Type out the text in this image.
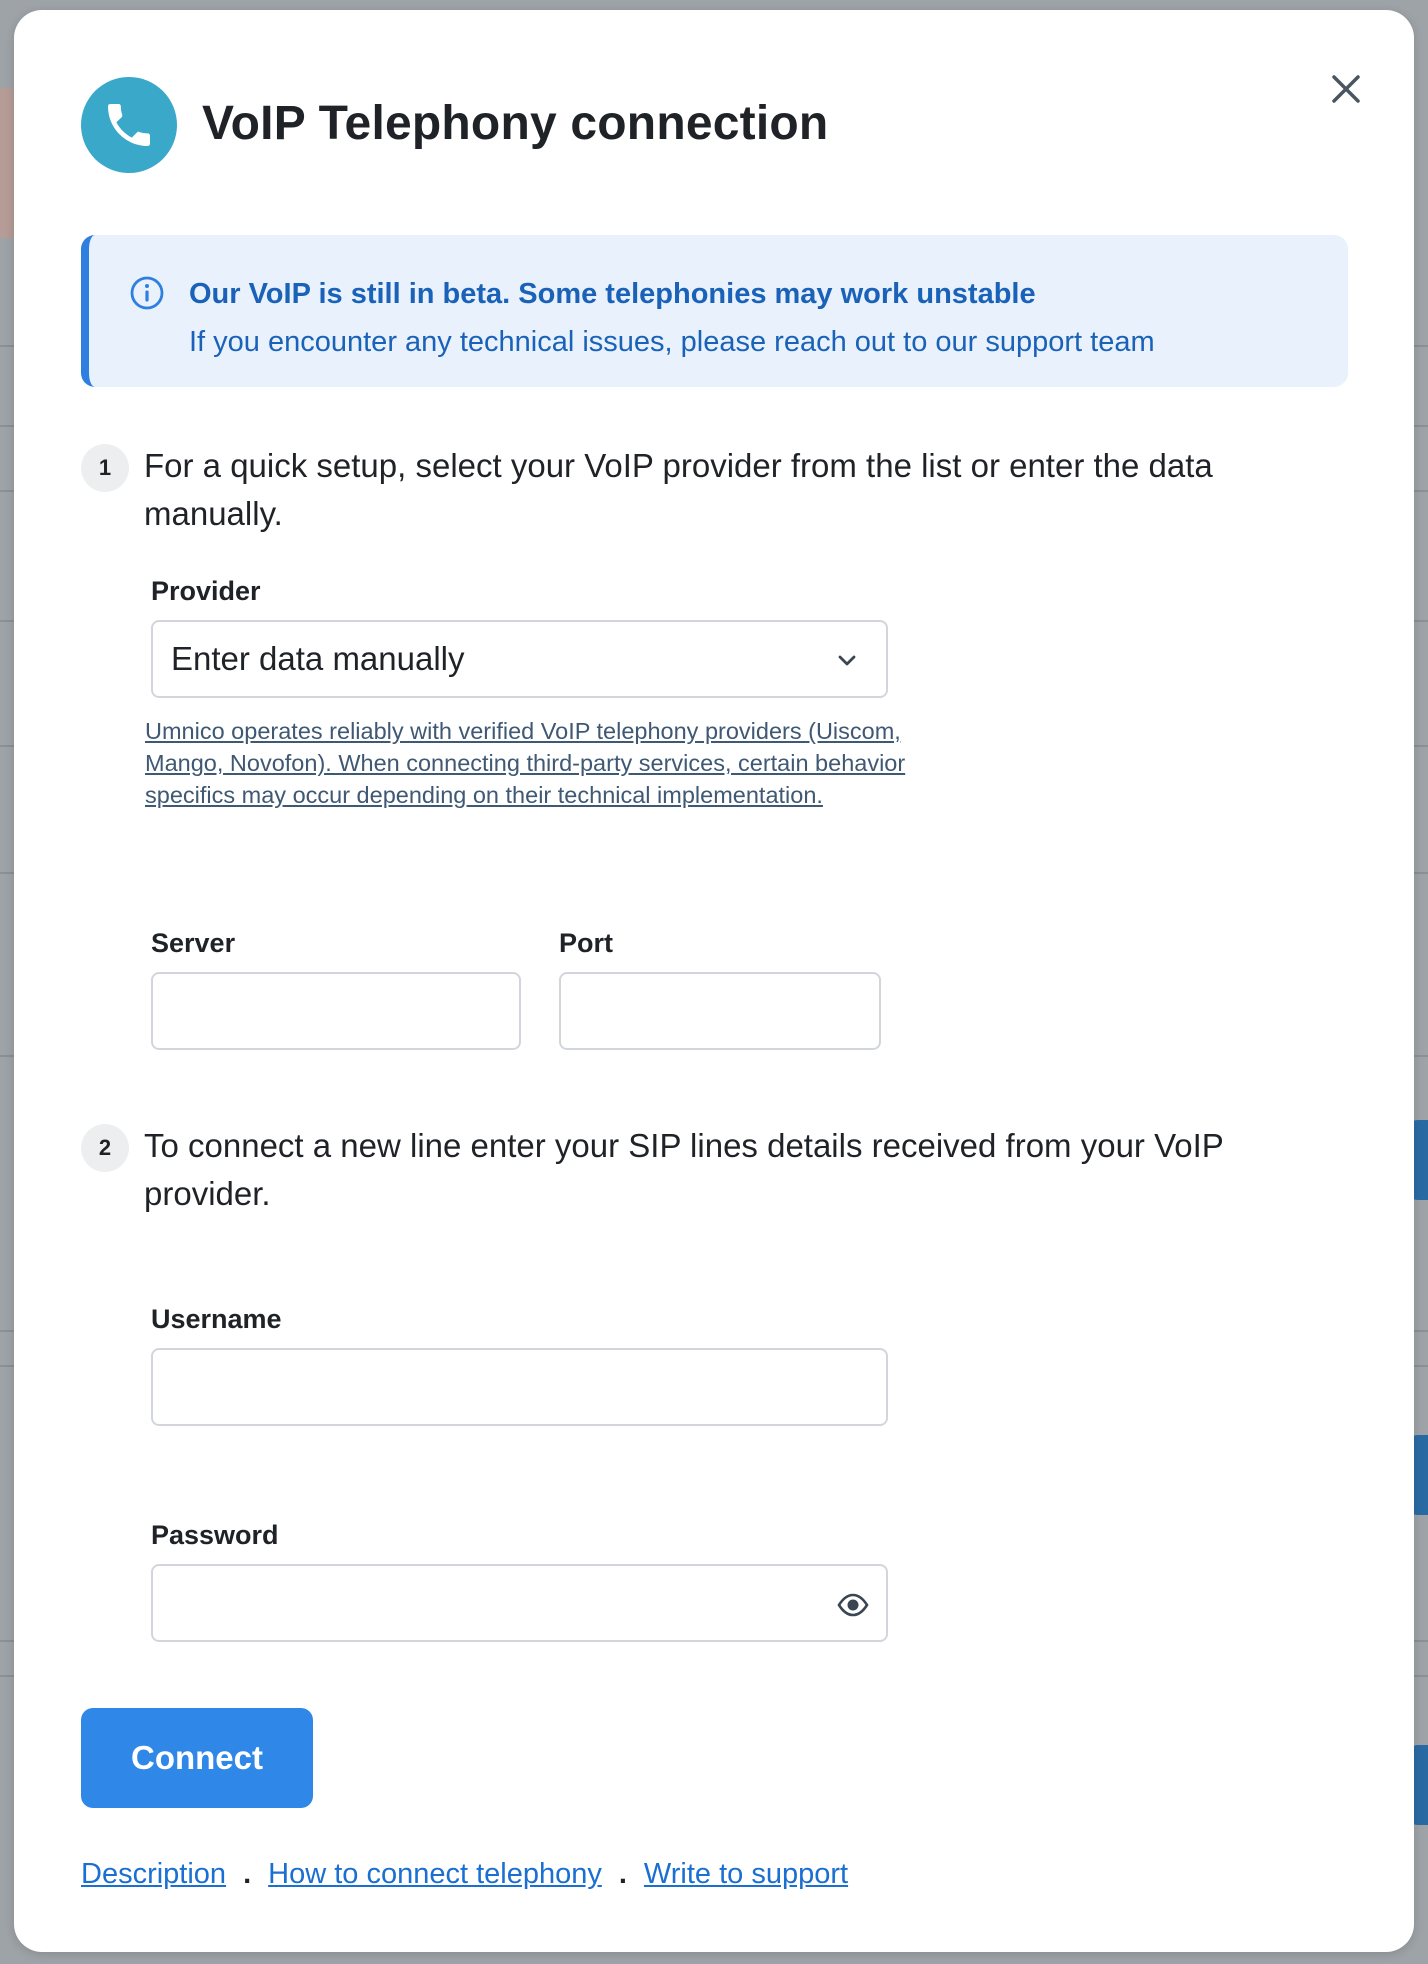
VoIP Telephony connection
Our VoIP is still in beta. Some telephonies may work unstable
If you encounter any technical issues, please reach out to our support team
1 For a quick setup, select your VoIP provider from the list or enter the data manually.
Provider
Enter data manually
Umnico operates reliably with verified VoIP telephony providers (Uiscom, Mango, Novofon). When connecting third-party services, certain behavior specifics may occur depending on their technical implementation.
Server	Port
2 To connect a new line enter your SIP lines details received from your VoIP provider.
Username
Password
Connect
Description . How to connect telephony . Write to support
